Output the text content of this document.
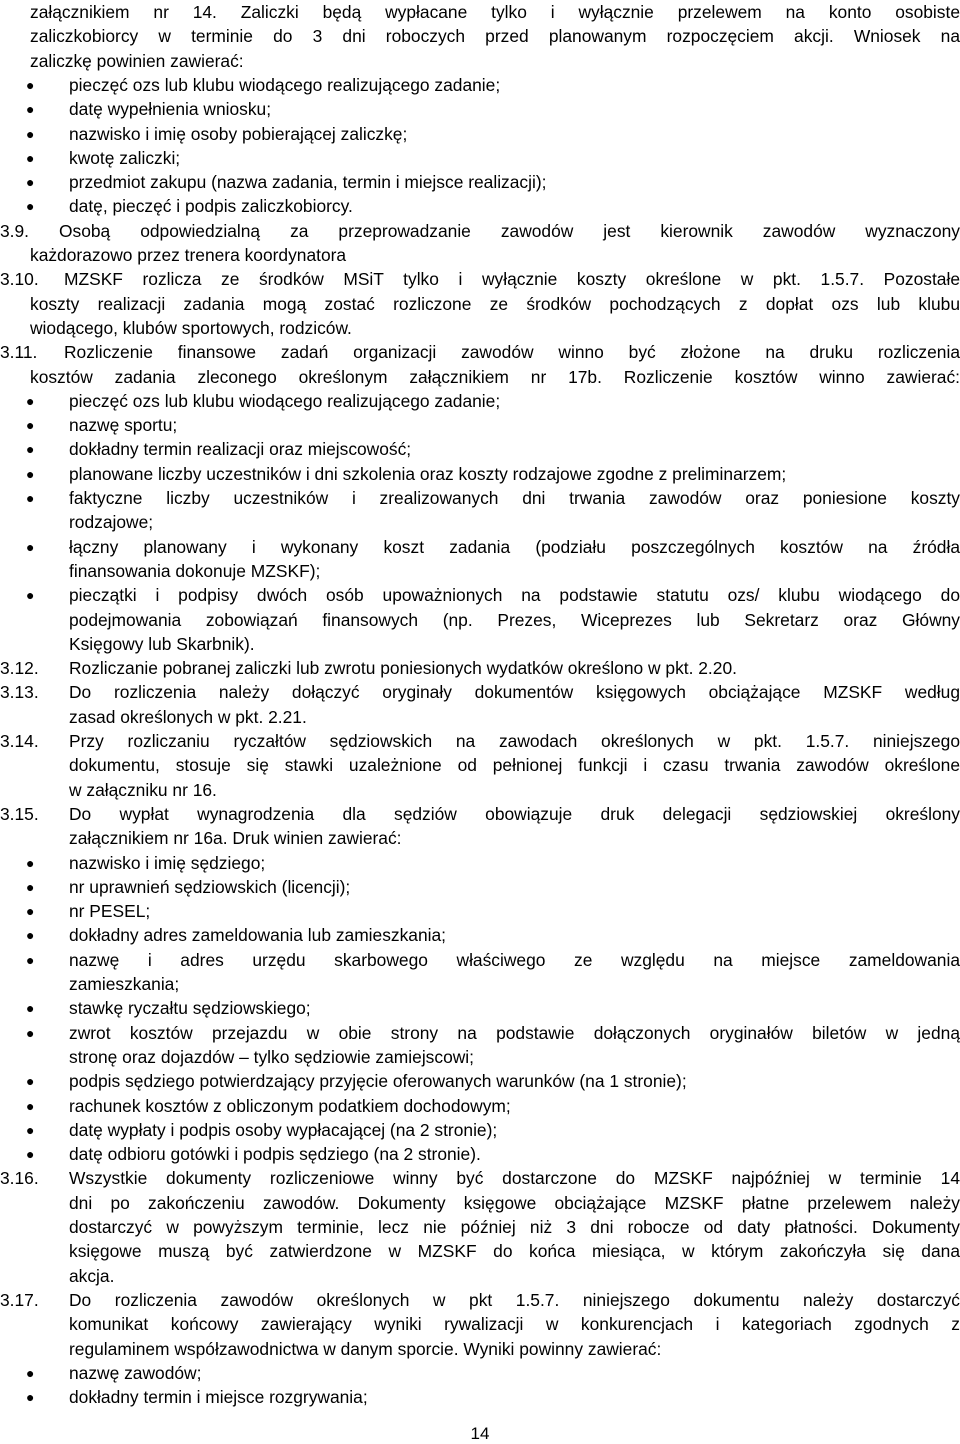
załącznikiem nr 14. Zaliczki będą wypłacane tylko i wyłącznie przelewem na konto osobiste
zaliczkobiorcy w terminie do 3 dni roboczych przed planowanym rozpoczęciem akcji. Wniosek na
zaliczkę powinien zawierać:
● pieczęć ozs lub klubu wiodącego realizującego zadanie;
● datę wypełnienia wniosku;
● nazwisko i imię osoby pobierającej zaliczkę;
● kwotę zaliczki;
● przedmiot zakupu (nazwa zadania, termin i miejsce realizacji);
● datę, pieczęć i podpis zaliczkobiorcy.
3.9. Osobą odpowiedzialną za przeprowadzanie zawodów jest kierownik zawodów wyznaczony
każdorazowo przez trenera koordynatora
3.10. MZSKF rozlicza ze środków MSiT tylko i wyłącznie koszty określone w pkt. 1.5.7. Pozostałe
koszty realizacji zadania mogą zostać rozliczone ze środków pochodzących z dopłat ozs lub klubu
wiodącego, klubów sportowych, rodziców.
3.11. Rozliczenie finansowe zadań organizacji zawodów winno być złożone na druku rozliczenia
kosztów zadania zleconego określonym załącznikiem nr 17b. Rozliczenie kosztów winno zawierać:
● pieczęć ozs lub klubu wiodącego realizującego zadanie;
● nazwę sportu;
● dokładny termin realizacji oraz miejscowość;
● planowane liczby uczestników i dni szkolenia oraz koszty rodzajowe zgodne z preliminarzem;
● faktyczne liczby uczestników i zrealizowanych dni trwania zawodów oraz poniesione koszty
rodzajowe;
● łączny planowany i wykonany koszt zadania (podziału poszczególnych kosztów na źródła
finansowania dokonuje MZSKF);
● pieczątki i podpisy dwóch osób upoważnionych na podstawie statutu ozs/ klubu wiodącego do
podejmowania zobowiązań finansowych (np. Prezes, Wiceprezes lub Sekretarz oraz Główny
Księgowy lub Skarbnik).
3.12. Rozliczanie pobranej zaliczki lub zwrotu poniesionych wydatków określono w pkt. 2.20.
3.13. Do rozliczenia należy dołączyć oryginały dokumentów księgowych obciążające MZSKF według
zasad określonych w pkt. 2.21.
3.14. Przy rozliczaniu ryczałtów sędziowskich na zawodach określonych w pkt. 1.5.7. niniejszego
dokumentu, stosuje się stawki uzależnione od pełnionej funkcji i czasu trwania zawodów określone
w załączniku nr 16.
3.15. Do wypłat wynagrodzenia dla sędziów obowiązuje druk delegacji sędziowskiej określony
załącznikiem nr 16a. Druk winien zawierać:
● nazwisko i imię sędziego;
● nr uprawnień sędziowskich (licencji);
● nr PESEL;
● dokładny adres zameldowania lub zamieszkania;
● nazwę i adres urzędu skarbowego właściwego ze względu na miejsce zameldowania
zamieszkania;
● stawkę ryczałtu sędziowskiego;
● zwrot kosztów przejazdu w obie strony na podstawie dołączonych oryginałów biletów w jedną
stronę oraz dojazdów – tylko sędziowie zamiejscowi;
● podpis sędziego potwierdzający przyjęcie oferowanych warunków (na 1 stronie);
● rachunek kosztów z obliczonym podatkiem dochodowym;
● datę wypłaty i podpis osoby wypłacającej (na 2 stronie);
● datę odbioru gotówki i podpis sędziego (na 2 stronie).
3.16. Wszystkie dokumenty rozliczeniowe winny być dostarczone do MZSKF najpóźniej w terminie 14
dni po zakończeniu zawodów. Dokumenty księgowe obciążające MZSKF płatne przelewem należy
dostarczyć w powyższym terminie, lecz nie później niż 3 dni robocze od daty płatności. Dokumenty
księgowe muszą być zatwierdzone w MZSKF do końca miesiąca, w którym zakończyła się dana
akcja.
3.17. Do rozliczenia zawodów określonych w pkt 1.5.7. niniejszego dokumentu należy dostarczyć
komunikat końcowy zawierający wyniki rywalizacji w konkurencjach i kategoriach zgodnych z
regulaminem współzawodnictwa w danym sporcie. Wyniki powinny zawierać:
● nazwę zawodów;
● dokładny termin i miejsce rozgrywania;
14
